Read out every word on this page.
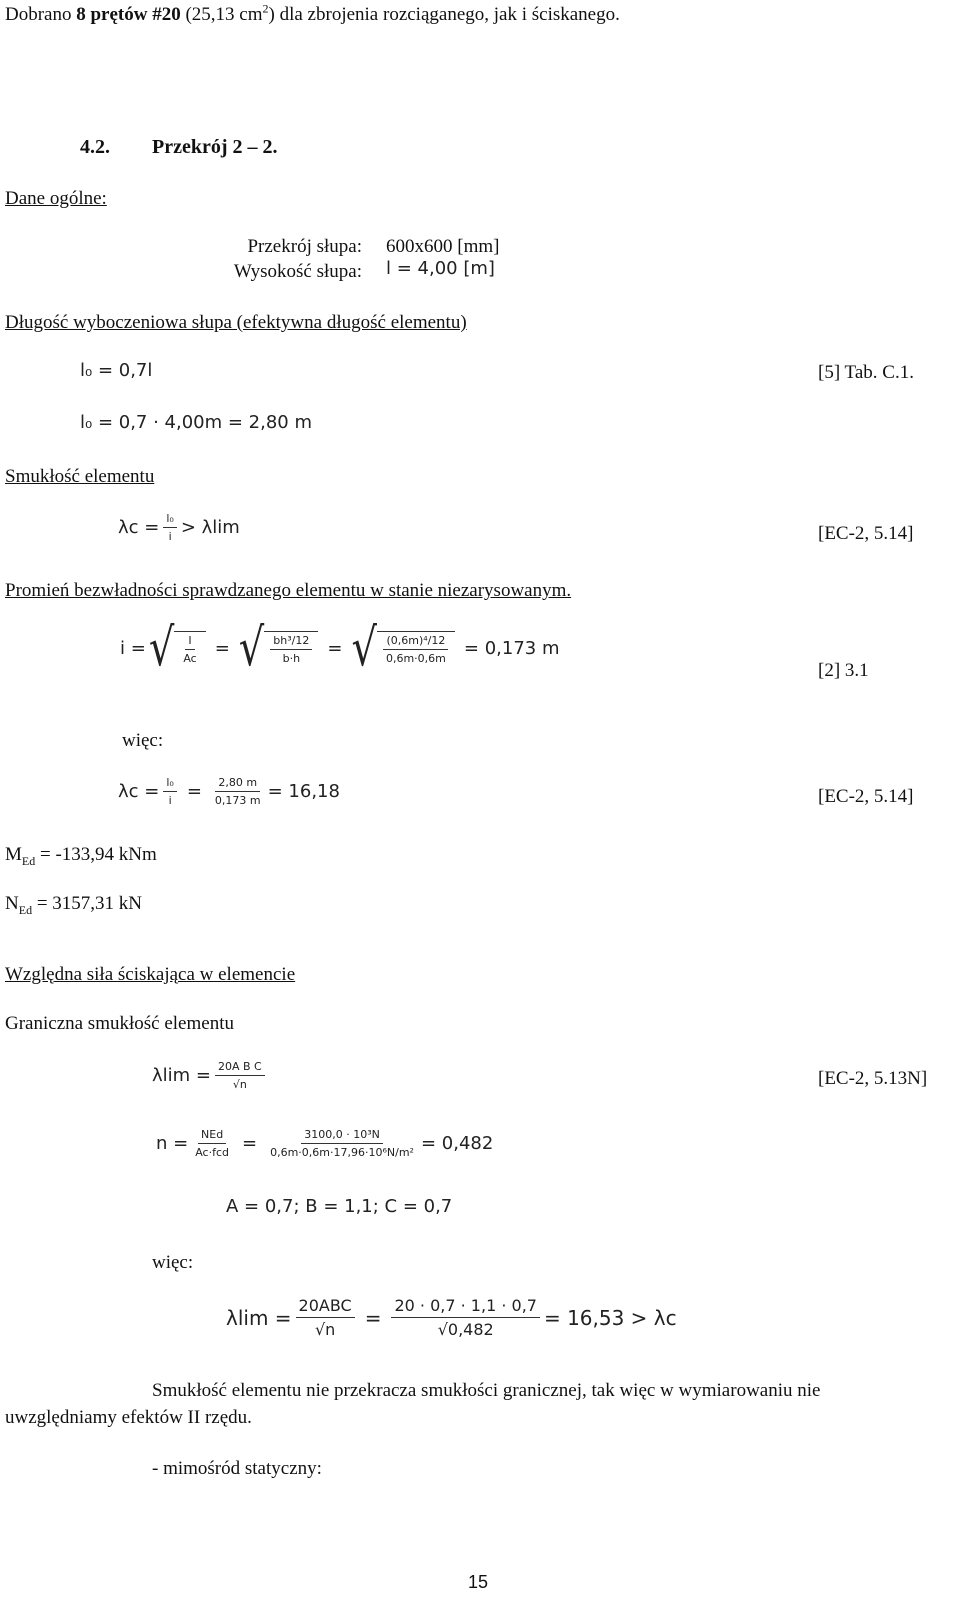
Dobrano 8 prętów #20 (25,13 $cm^2$) dla zbrojenia rozciąganego, jak i ściskanego.
4.2. Przekrój 2 – 2.
Dane ogólne:
Przekrój słupa: 600x600 [mm]
Wysokość słupa: l = 4,00 [m]
Długość wyboczeniowa słupa (efektywna długość elementu)
l₀ = 0,7l	[5] Tab. C.1.
l₀ = 0,7 · 4,00m = 2,80 m
Smukłość elementu
$\lambda c = \frac{\text{l₀}}{i} > \lambda\lim$	[EC-2, 5.14]
Promień bezwładności sprawdzanego elementu w stanie niezarysowanym.
i = √ $\frac{I}{Ac}$ = √ $\frac{\text{bh³/12}}{b\cdot h}$ = √ $\frac{\text{(0,6m)⁴/12}}{0,6m\cdot 0,6m} = 0,173$ m
[2] 3.1
więc:
$\lambda c = \frac{\text{l₀}}{i} = \frac{2,80 m}{0,173 m} = 16,18$	[EC-2, 5.14]
$M_{Ed} = -133,94$ kNm
$N_{Ed} = 3157,31$ kN
Względna siła ściskająca w elemencie
Graniczna smukłość elementu
$\lambda\lim = \frac{\text{20A B C}}{√n}$	[EC-2, 5.13N]
n = NEd
$Ac\cdot fcd = \frac{\text{3100,0 · 10³N}}{\text{0,6m·0,6m·17,96·10⁶N/m²}} = 0,482$
A = 0,7; B = 1,1; C = 0,7
więc:
λlim = 20ABC
$√n = \frac{20 \cdot 0,7 \cdot 1,1 \cdot 0,7}{√0,482} = 16,53 > \lambda c$
Smukłość elementu nie przekracza smukłości granicznej, tak więc w wymiarowaniu nie
uwzględniamy efektów II rzędu.
- mimośród statyczny:
15
